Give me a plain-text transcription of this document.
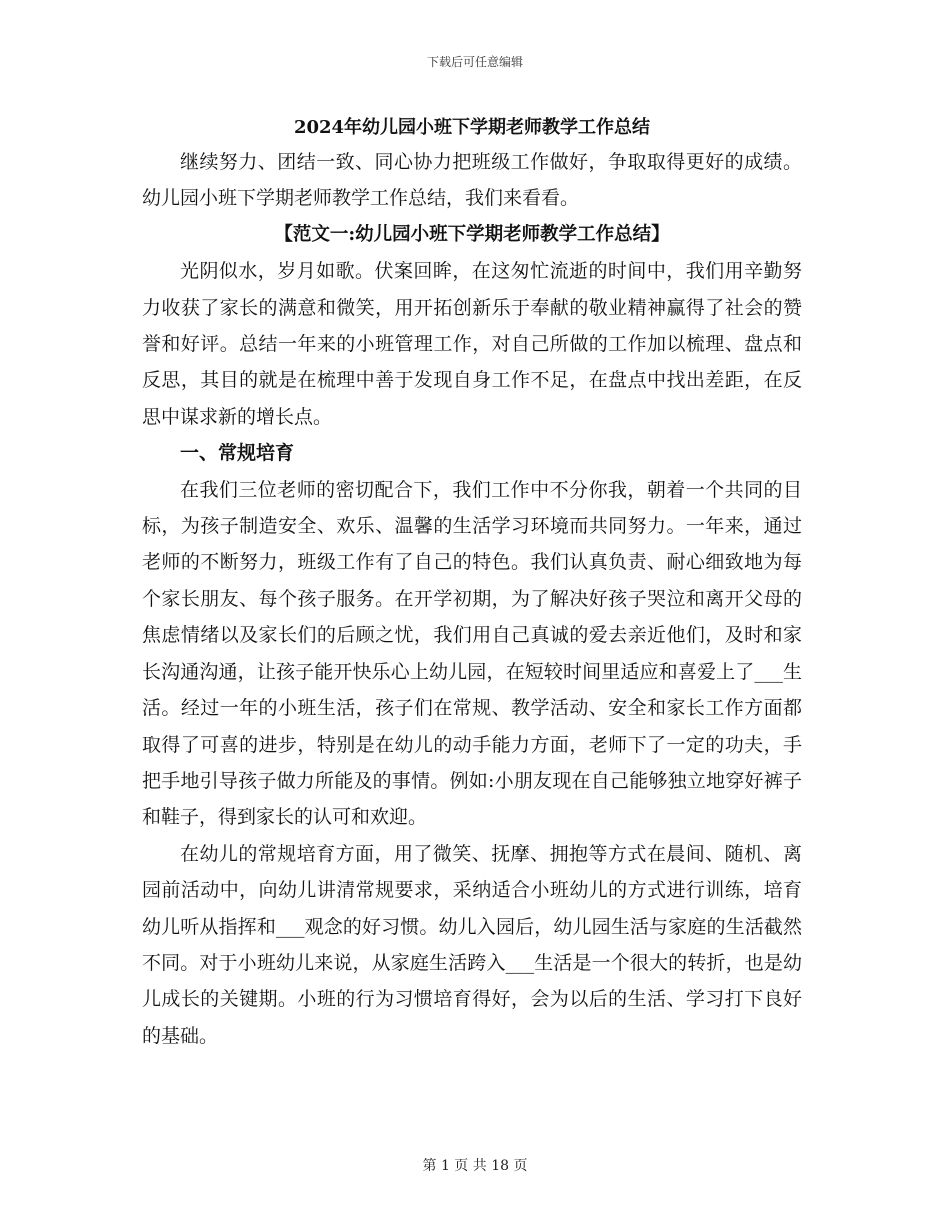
下载后可任意编辑
2024年幼儿园小班下学期老师教学工作总结

继续努力、团结一致、同心协力把班级工作做好，争取取得更好的成绩。幼儿园小班下学期老师教学工作总结，我们来看看。

【范文一:幼儿园小班下学期老师教学工作总结】

光阴似水，岁月如歌。伏案回眸，在这匆忙流逝的时间中，我们用辛勤努力收获了家长的满意和微笑，用开拓创新乐于奉献的敬业精神赢得了社会的赞誉和好评。总结一年来的小班管理工作，对自己所做的工作加以梳理、盘点和反思，其目的就是在梳理中善于发现自身工作不足，在盘点中找出差距，在反思中谋求新的增长点。

一、常规培育

在我们三位老师的密切配合下，我们工作中不分你我，朝着一个共同的目标，为孩子制造安全、欢乐、温馨的生活学习环境而共同努力。一年来，通过老师的不断努力，班级工作有了自己的特色。我们认真负责、耐心细致地为每个家长朋友、每个孩子服务。在开学初期，为了解决好孩子哭泣和离开父母的焦虑情绪以及家长们的后顾之忧，我们用自己真诚的爱去亲近他们，及时和家长沟通沟通，让孩子能开快乐心上幼儿园，在短较时间里适应和喜爱上了___生活。经过一年的小班生活，孩子们在常规、教学活动、安全和家长工作方面都取得了可喜的进步，特别是在幼儿的动手能力方面，老师下了一定的功夫，手把手地引导孩子做力所能及的事情。例如:小朋友现在自己能够独立地穿好裤子和鞋子，得到家长的认可和欢迎。

在幼儿的常规培育方面，用了微笑、抚摩、拥抱等方式在晨间、随机、离园前活动中，向幼儿讲清常规要求，采纳适合小班幼儿的方式进行训练，培育幼儿听从指挥和___观念的好习惯。幼儿入园后，幼儿园生活与家庭的生活截然不同。对于小班幼儿来说，从家庭生活跨入___生活是一个很大的转折，也是幼儿成长的关键期。小班的行为习惯培育得好，会为以后的生活、学习打下良好的基础。

第 1 页 共 18 页
